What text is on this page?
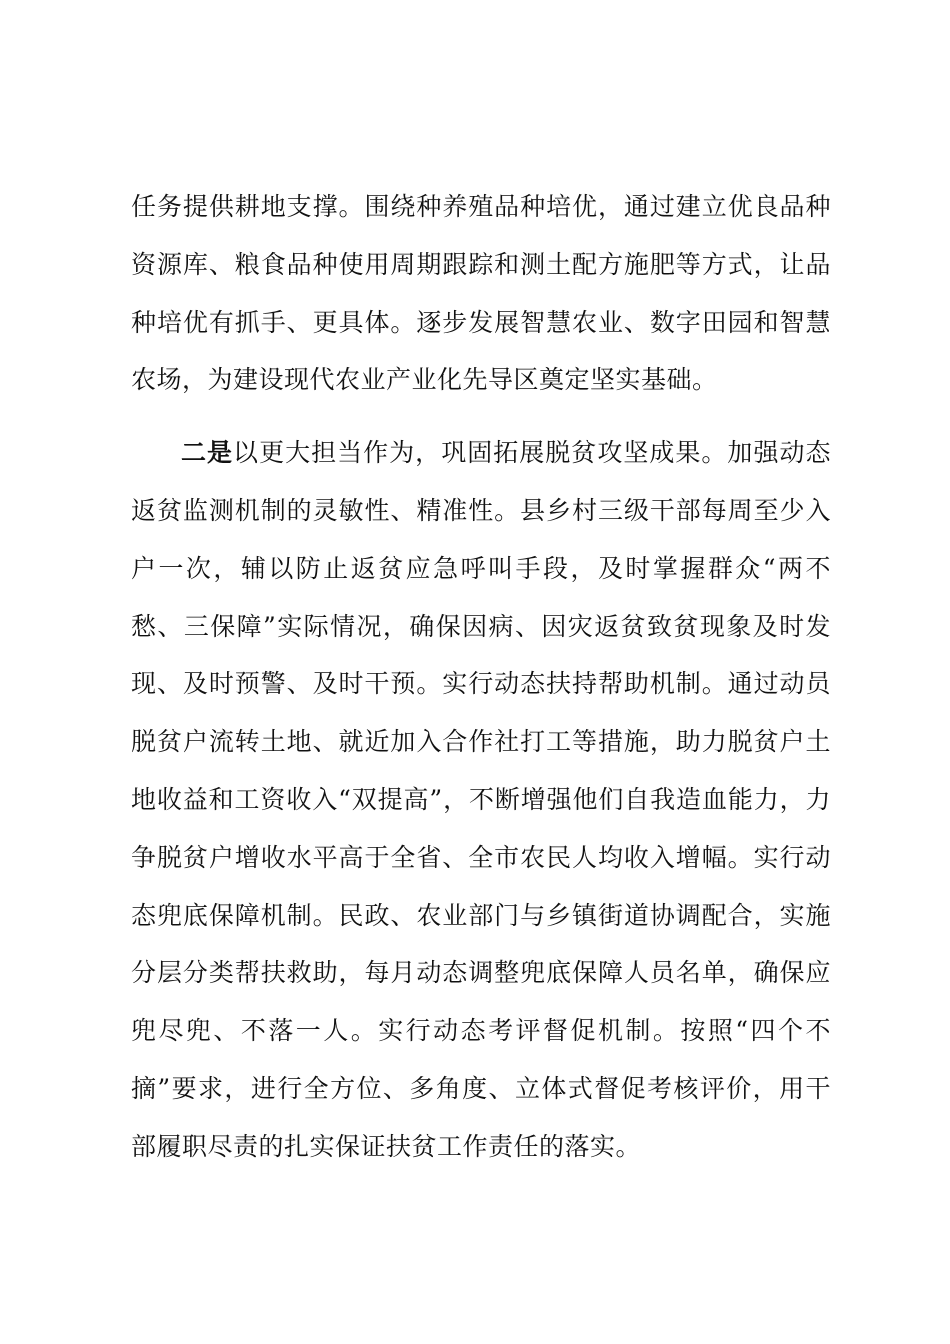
任务提供耕地支撑。围绕种养殖品种培优，通过建立优良品种资源库、粮食品种使用周期跟踪和测土配方施肥等方式，让品种培优有抓手、更具体。逐步发展智慧农业、数字田园和智慧农场，为建设现代农业产业化先导区奠定坚实基础。

二是以更大担当作为，巩固拓展脱贫攻坚成果。加强动态返贫监测机制的灵敏性、精准性。县乡村三级干部每周至少入户一次，辅以防止返贫应急呼叫手段，及时掌握群众“两不愁、三保障”实际情况，确保因病、因灾返贫致贫现象及时发现、及时预警、及时干预。实行动态扶持帮助机制。通过动员脱贫户流转土地、就近加入合作社打工等措施，助力脱贫户土地收益和工资收入“双提高”，不断增强他们自我造血能力，力争脱贫户增收水平高于全省、全市农民人均收入增幅。实行动态兜底保障机制。民政、农业部门与乡镇街道协调配合，实施分层分类帮扶救助，每月动态调整兜底保障人员名单，确保应兜尽兜、不落一人。实行动态考评督促机制。按照“四个不摘”要求，进行全方位、多角度、立体式督促考核评价，用干部履职尽责的扎实保证扶贫工作责任的落实。
